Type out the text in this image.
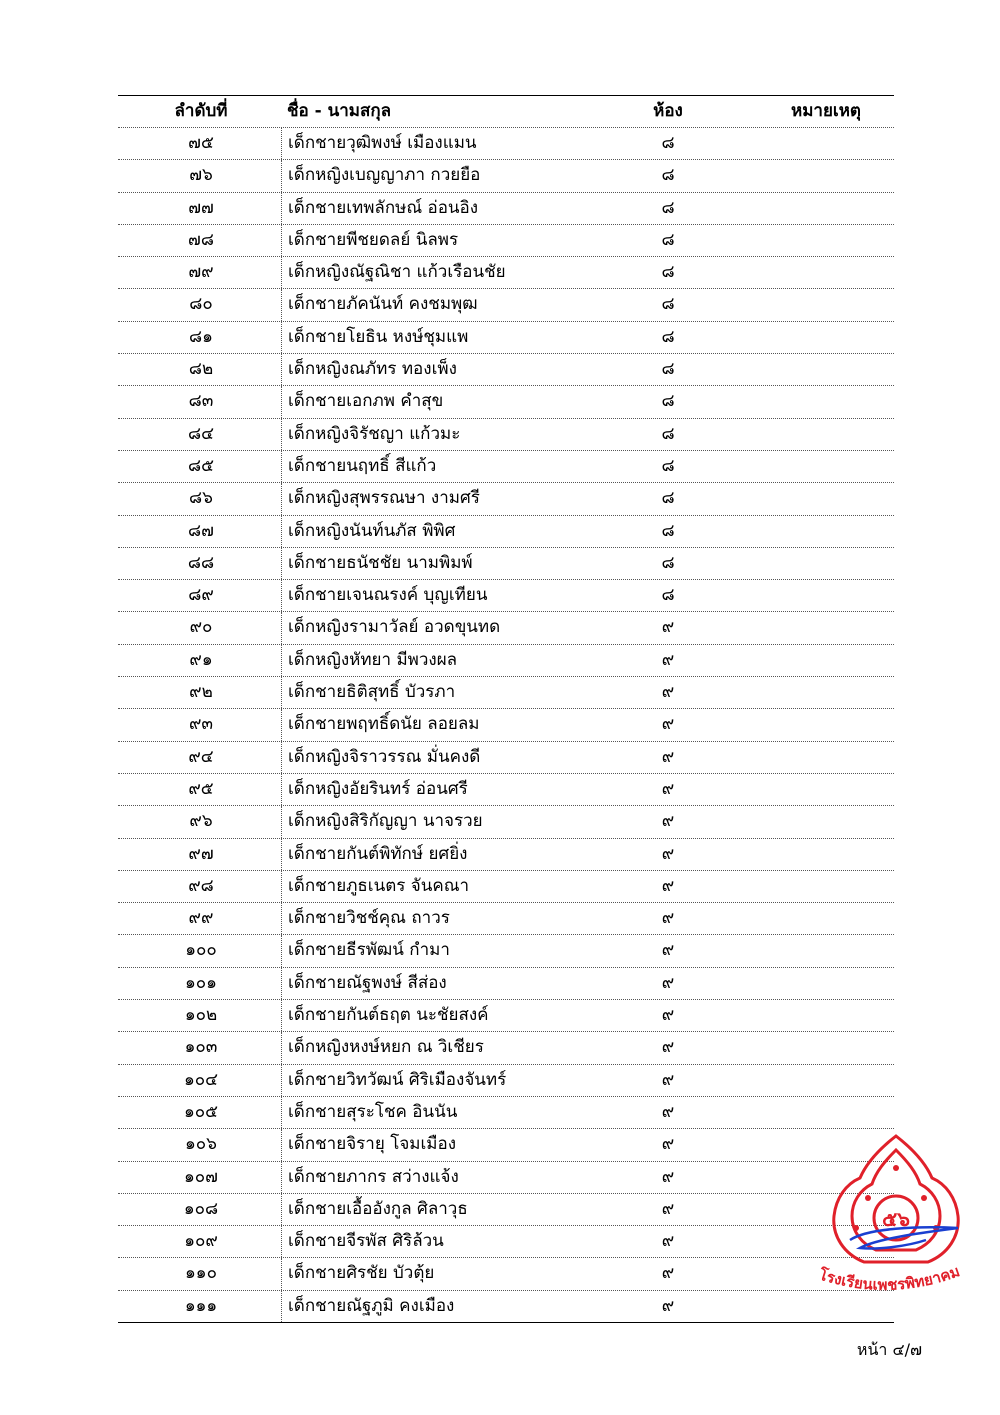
ลำดับที่	ชื่อ - นามสกุล	ห้อง	หมายเหตุ
๗๕	เด็กชายวุฒิพงษ์ เมืองแมน	๘
๗๖	เด็กหญิงเบญญาภา กวยยือ	๘
๗๗	เด็กชายเทพลักษณ์ อ่อนอิง	๘
๗๘	เด็กชายพีชยดลย์ นิลพร	๘
๗๙	เด็กหญิงณัฐณิชา แก้วเรือนชัย	๘
๘๐	เด็กชายภัคนันท์ คงชมพุฒ	๘
๘๑	เด็กชายโยธิน หงษ์ชุมแพ	๘
๘๒	เด็กหญิงณภัทร ทองเพ็ง	๘
๘๓	เด็กชายเอกภพ คำสุข	๘
๘๔	เด็กหญิงจิรัชญา แก้วมะ	๘
๘๕	เด็กชายนฤทธิ์ สีแก้ว	๘
๘๖	เด็กหญิงสุพรรณษา งามศรี	๘
๘๗	เด็กหญิงนันท์นภัส พิพิศ	๘
๘๘	เด็กชายธนัชชัย นามพิมพ์	๘
๘๙	เด็กชายเจนณรงค์ บุญเทียน	๘
๙๐	เด็กหญิงรามาวัลย์ อวดขุนทด	๙
๙๑	เด็กหญิงหัทยา มีพวงผล	๙
๙๒	เด็กชายธิติสุทธิ์ บัวรภา	๙
๙๓	เด็กชายพฤทธิ์ดนัย ลอยลม	๙
๙๔	เด็กหญิงจิราวรรณ มั่นคงดี	๙
๙๕	เด็กหญิงอัยรินทร์ อ่อนศรี	๙
๙๖	เด็กหญิงสิริกัญญา นาจรวย	๙
๙๗	เด็กชายกันต์พิทักษ์ ยศยิ่ง	๙
๙๘	เด็กชายภูธเนตร จันคณา	๙
๙๙	เด็กชายวิชช์คุณ ถาวร	๙
๑๐๐	เด็กชายธีรพัฒน์ กำมา	๙
๑๐๑	เด็กชายณัฐพงษ์ สีส่อง	๙
๑๐๒	เด็กชายกันต์ธฤต นะชัยสงค์	๙
๑๐๓	เด็กหญิงหงษ์หยก ณ วิเชียร	๙
๑๐๔	เด็กชายวิทวัฒน์ ศิริเมืองจันทร์	๙
๑๐๕	เด็กชายสุระโชค อินนัน	๙
๑๐๖	เด็กชายจิรายุ โจมเมือง	๙
๑๐๗	เด็กชายภากร สว่างแจ้ง	๙
๑๐๘	เด็กชายเอื้ออังกูล ศิลาวุธ	๙
๑๐๙	เด็กชายจีรพัส ศิริล้วน	๙
๑๑๐	เด็กชายศิรชัย บัวตุ้ย	๙
๑๑๑	เด็กชายณัฐภูมิ คงเมือง	๙
๕๖
โรงเรียนเพชรพิทยาคม
หน้า ๔/๗
